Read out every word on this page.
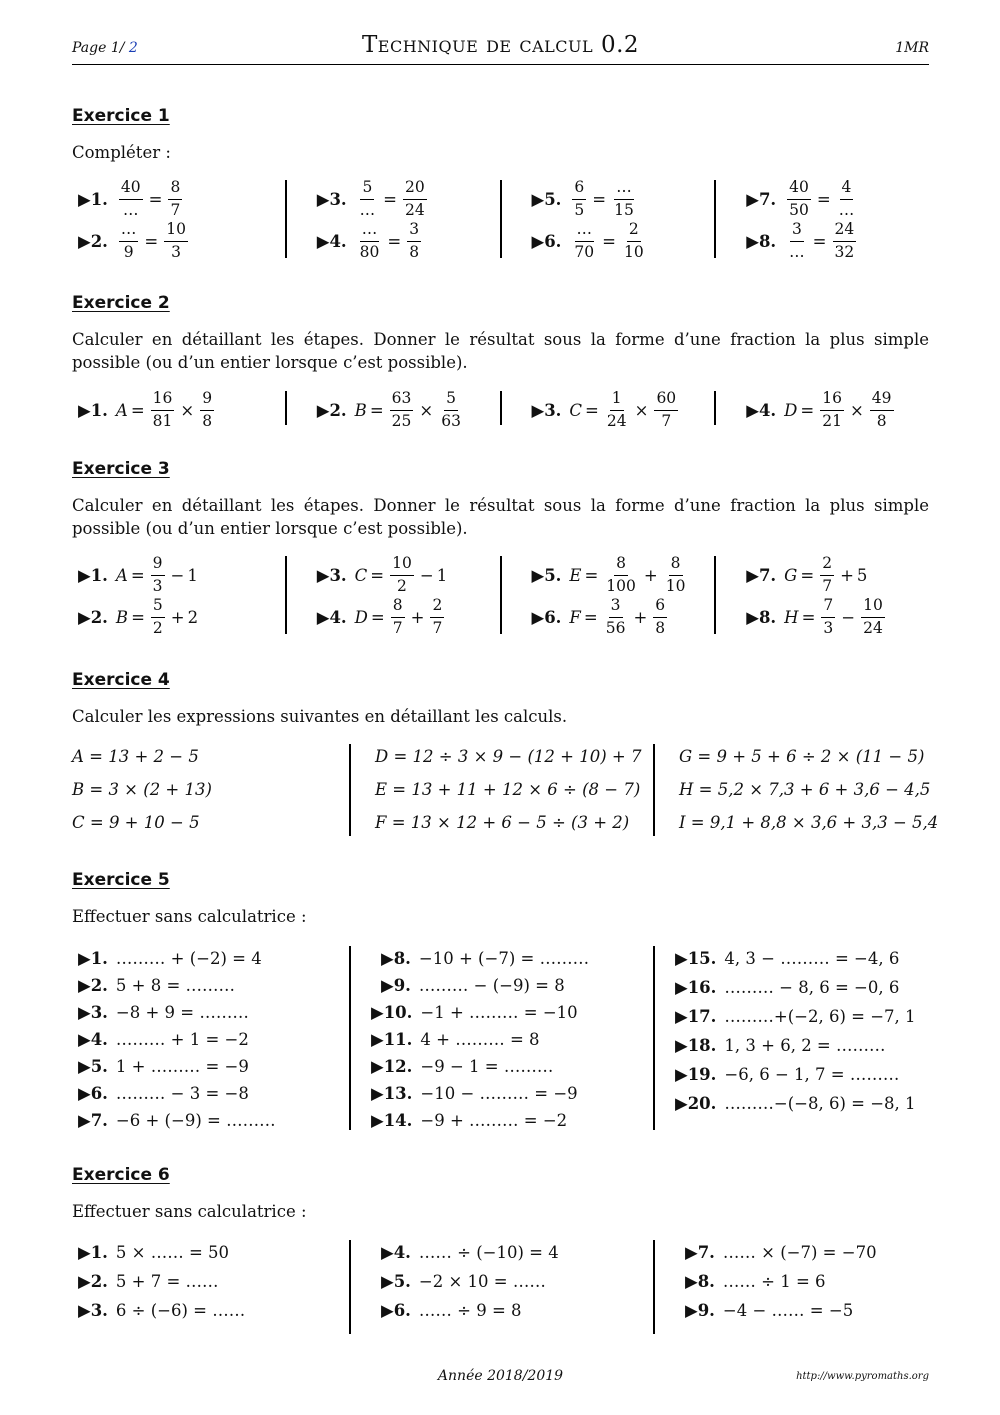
Page 1/ 2	Technique de calcul 0.2	1MR
Exercice 1
Compléter :
▶1. $\frac{40}{\dots} = \frac{8}{7}$
▶2. $\frac{\dots}{9} = \frac{10}{3}$
▶3. $\frac{5}{\dots} = \frac{20}{24}$
▶4. $\frac{\dots}{80} = \frac{3}{8}$
▶5. $\frac{6}{5} = \frac{\dots}{15}$
▶6. $\frac{\dots}{70} = \frac{2}{10}$
▶7. $\frac{40}{50} = \frac{4}{\dots}$
▶8. $\frac{3}{\dots} = \frac{24}{32}$
Exercice 2
Calculer en détaillant les étapes. Donner le résultat sous la forme d’une fraction la plus simple possible (ou d’un entier lorsque c’est possible).
▶1. $A = \frac{16}{81} \times \frac{9}{8}$	▶2. $B = \frac{63}{25} \times \frac{5}{63}$	▶3. $C = \frac{1}{24} \times \frac{60}{7}$	▶4. $D = \frac{16}{21} \times \frac{49}{8}$
Exercice 3
Calculer en détaillant les étapes. Donner le résultat sous la forme d’une fraction la plus simple possible (ou d’un entier lorsque c’est possible).
▶1. $A = \frac{9}{3} - 1$
▶2. $B = \frac{5}{2} + 2$
▶3. $C = \frac{10}{2} - 1$
▶4. $D = \frac{8}{7} + \frac{2}{7}$
▶5. $E = \frac{8}{100} + \frac{8}{10}$
▶6. $F = \frac{3}{56} + \frac{6}{8}$
▶7. $G = \frac{2}{7} + 5$
▶8. $H = \frac{7}{3} - \frac{10}{24}$
Exercice 4
Calculer les expressions suivantes en détaillant les calculs.
A = 13 + 2 − 5
B = 3 × (2 + 13)
C = 9 + 10 − 5
D = 12 ÷ 3 × 9 − (12 + 10) + 7
E = 13 + 11 + 12 × 6 ÷ (8 − 7)
F = 13 × 12 + 6 − 5 ÷ (3 + 2)
G = 9 + 5 + 6 ÷ 2 × (11 − 5)
H = 5,2 × 7,3 + 6 + 3,6 − 4,5
I = 9,1 + 8,8 × 3,6 + 3,3 − 5,4
Exercice 5
Effectuer sans calculatrice :
▶1. ……… + (−2) = 4
▶2. 5 + 8 = ………
▶3. −8 + 9 = ………
▶4. ……… + 1 = −2
▶5. 1 + ……… = −9
▶6. ……… − 3 = −8
▶7. −6 + (−9) = ………
▶8. −10 + (−7) = ………
▶9. ……… − (−9) = 8
▶10. −1 + ……… = −10
▶11. 4 + ……… = 8
▶12. −9 − 1 = ………
▶13. −10 − ……… = −9
▶14. −9 + ……… = −2
▶15. 4, 3 − ……… = −4, 6
▶16. ……… − 8, 6 = −0, 6
▶17. ………+(−2, 6) = −7, 1
▶18. 1, 3 + 6, 2 = ………
▶19. −6, 6 − 1, 7 = ………
▶20. ………−(−8, 6) = −8, 1
Exercice 6
Effectuer sans calculatrice :
▶1. 5 × …… = 50
▶2. 5 + 7 = ……
▶3. 6 ÷ (−6) = ……
▶4. …… ÷ (−10) = 4
▶5. −2 × 10 = ……
▶6. …… ÷ 9 = 8
▶7. …… × (−7) = −70
▶8. …… ÷ 1 = 6
▶9. −4 − …… = −5
Année 2018/2019	http://www.pyromaths.org
